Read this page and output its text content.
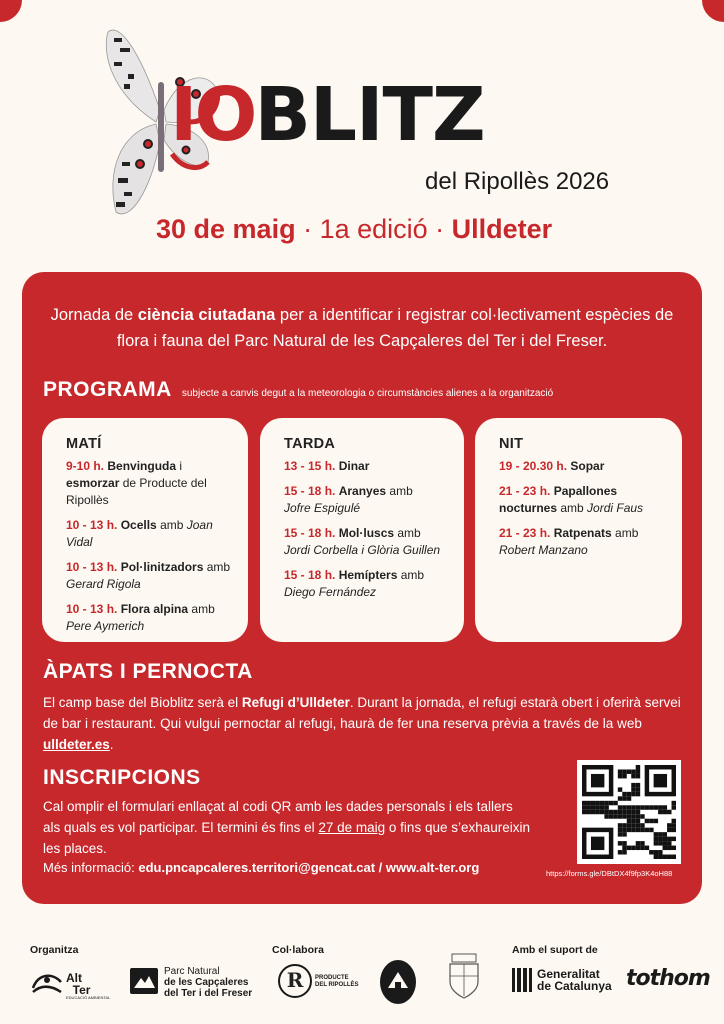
IO BLITZ
del Ripollès 2026
30 de maig · 1a edició · Ulldeter

Jornada de ciència ciutadana per a identificar i registrar col·lectivament espècies de flora i fauna del Parc Natural de les Capçaleres del Ter i del Freser.

PROGRAMA subjecte a canvis degut a la meteorologia o circumstàncies alienes a la organització
MATÍ
9-10 h. Benvinguda i esmorzar de Producte del Ripollès
10 - 13 h. Ocells amb Joan Vidal
10 - 13 h. Pol·linitzadors amb Gerard Rigola
10 - 13 h. Flora alpina amb Pere Aymerich
TARDA
13 - 15 h. Dinar
15 - 18 h. Aranyes amb
Jofre Espigulé
15 - 18 h. Mol·luscs amb
Jordi Corbella i Glòria Guillen
15 - 18 h. Hemípters amb
Diego Fernández
NIT
19 - 20.30 h. Sopar
21 - 23 h. Papallones nocturnes amb Jordi Faus
21 - 23 h. Ratpenats amb
Robert Manzano
ÀPATS I PERNOCTA

El camp base del Bioblitz serà el Refugi d’Ulldeter. Durant la jornada, el refugi estarà obert i oferirà servei de bar i restaurant. Qui vulgui pernoctar al refugi, haurà de fer una reserva prèvia a través de la web ulldeter.es.

INSCRIPCIONS

Cal omplir el formulari enllaçat al codi QR amb les dades personals i els tallers als quals es vol participar. El termini és fins el 27 de maig o fins que s’exhaureixin les places.

Més informació: edu.pncapcaleres.territori@gencat.cat / www.alt-ter.org	https://forms.gle/DBtDX4f9fp3K4oH88
Organitza	Col·labora	Amb el suport de
Alt
Ter
EDUCACIÓ AMBIENTAL
Parc Natural
de les Capçaleres
del Ter i del Freser
R	PRODUCTE
DEL RIPOLLÈS
Generalitat
de Catalunya tothom
